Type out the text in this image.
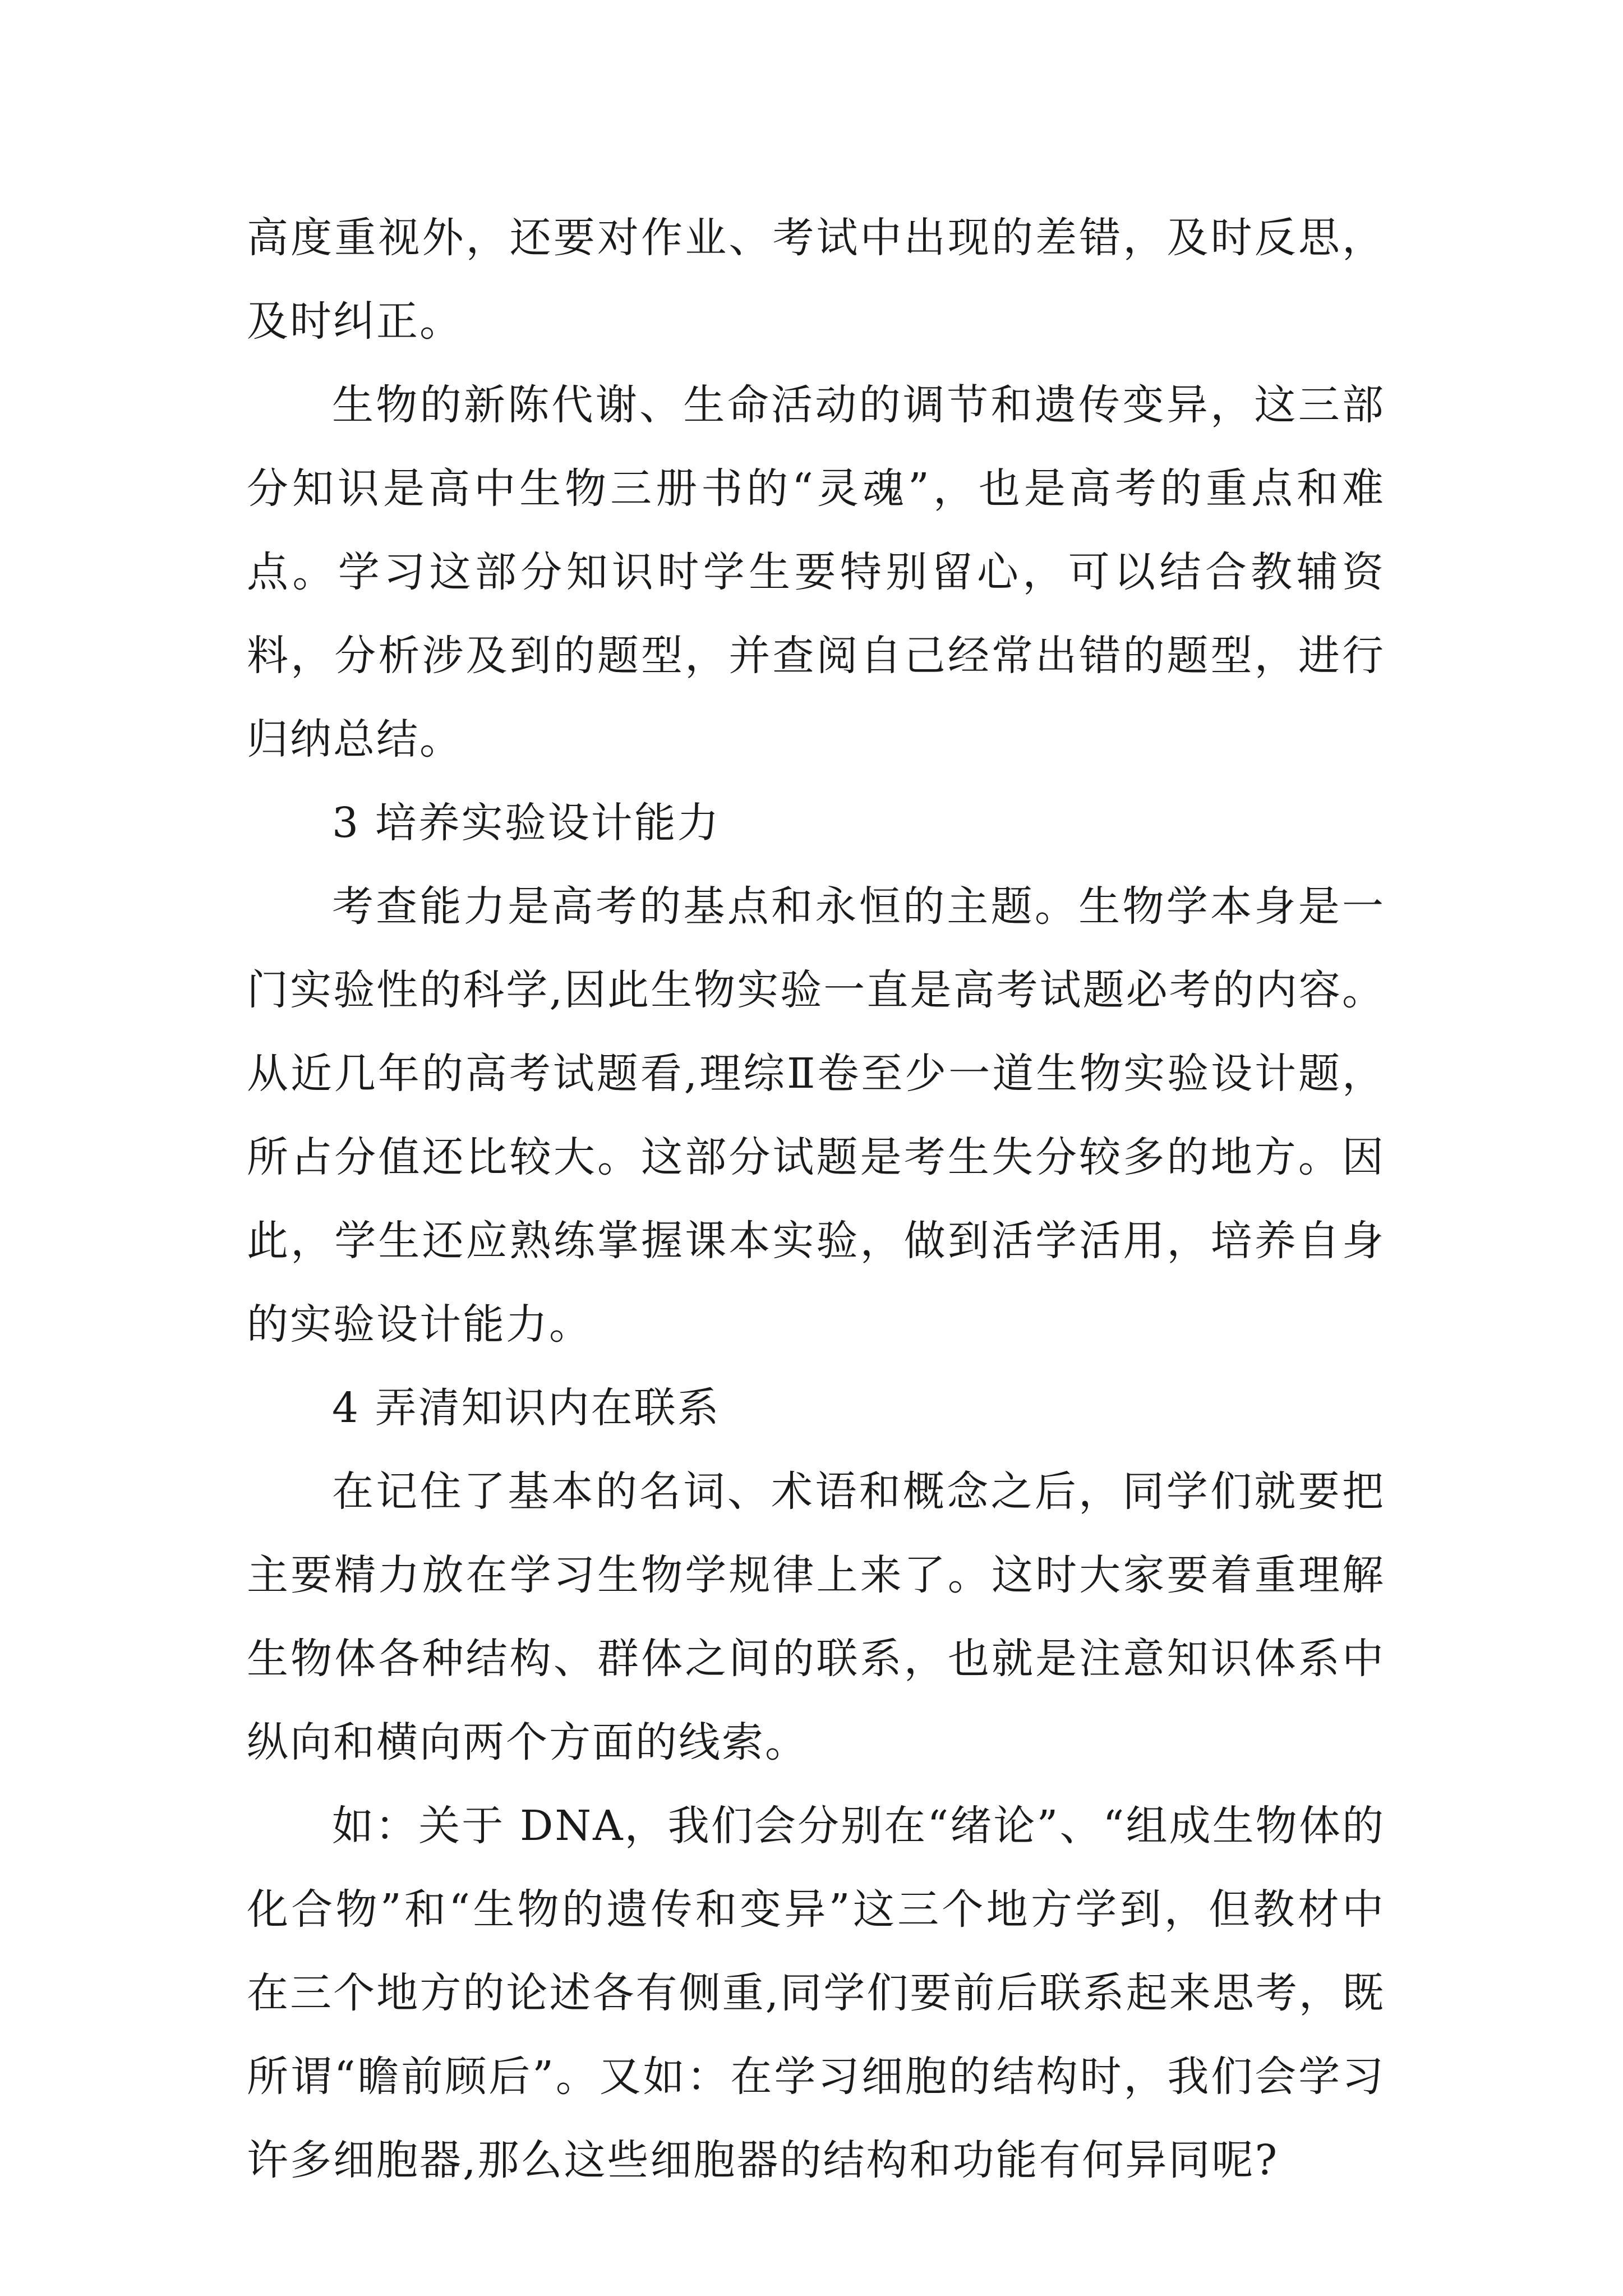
高度重视外，还要对作业、考试中出现的差错，及时反思，及时纠正。

生物的新陈代谢、生命活动的调节和遗传变异，这三部分知识是高中生物三册书的“灵魂”，也是高考的重点和难点。学习这部分知识时学生要特别留心，可以结合教辅资料，分析涉及到的题型，并查阅自己经常出错的题型，进行归纳总结。

3 培养实验设计能力

考查能力是高考的基点和永恒的主题。生物学本身是一门实验性的科学,因此生物实验一直是高考试题必考的内容。从近几年的高考试题看,理综Ⅱ卷至少一道生物实验设计题，所占分值还比较大。这部分试题是考生失分较多的地方。因此，学生还应熟练掌握课本实验，做到活学活用，培养自身的实验设计能力。

4 弄清知识内在联系

在记住了基本的名词、术语和概念之后，同学们就要把主要精力放在学习生物学规律上来了。这时大家要着重理解生物体各种结构、群体之间的联系，也就是注意知识体系中纵向和横向两个方面的线索。

如：关于 DNA，我们会分别在“绪论”、“组成生物体的化合物”和“生物的遗传和变异”这三个地方学到，但教材中在三个地方的论述各有侧重,同学们要前后联系起来思考，既所谓“瞻前顾后”。又如：在学习细胞的结构时，我们会学习许多细胞器,那么这些细胞器的结构和功能有何异同呢?
